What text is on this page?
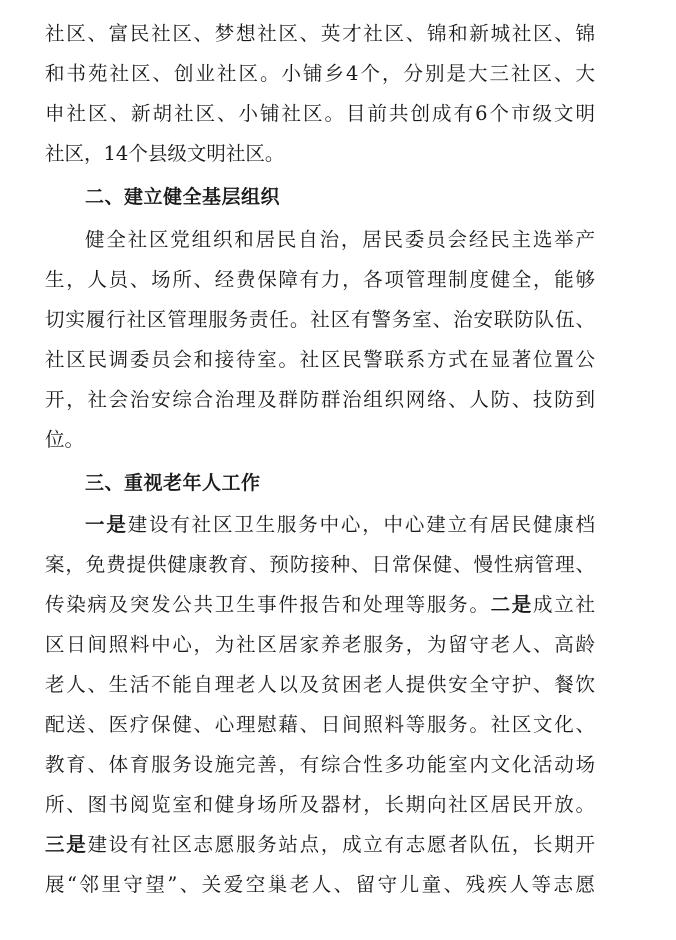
社区、富民社区、梦想社区、英才社区、锦和新城社区、锦
和书苑社区、创业社区。小铺乡4个，分别是大三社区、大
申社区、新胡社区、小铺社区。目前共创成有6个市级文明
社区，14个县级文明社区。
二、建立健全基层组织
健全社区党组织和居民自治，居民委员会经民主选举产
生，人员、场所、经费保障有力，各项管理制度健全，能够
切实履行社区管理服务责任。社区有警务室、治安联防队伍、
社区民调委员会和接待室。社区民警联系方式在显著位置公
开，社会治安综合治理及群防群治组织网络、人防、技防到
位。
三、重视老年人工作
一是建设有社区卫生服务中心，中心建立有居民健康档
案，免费提供健康教育、预防接种、日常保健、慢性病管理、
传染病及突发公共卫生事件报告和处理等服务。二是成立社
区日间照料中心，为社区居家养老服务，为留守老人、高龄
老人、生活不能自理老人以及贫困老人提供安全守护、餐饮
配送、医疗保健、心理慰藉、日间照料等服务。社区文化、
教育、体育服务设施完善，有综合性多功能室内文化活动场
所、图书阅览室和健身场所及器材，长期向社区居民开放。
三是建设有社区志愿服务站点，成立有志愿者队伍，长期开
展“邻里守望”、关爱空巢老人、留守儿童、残疾人等志愿
